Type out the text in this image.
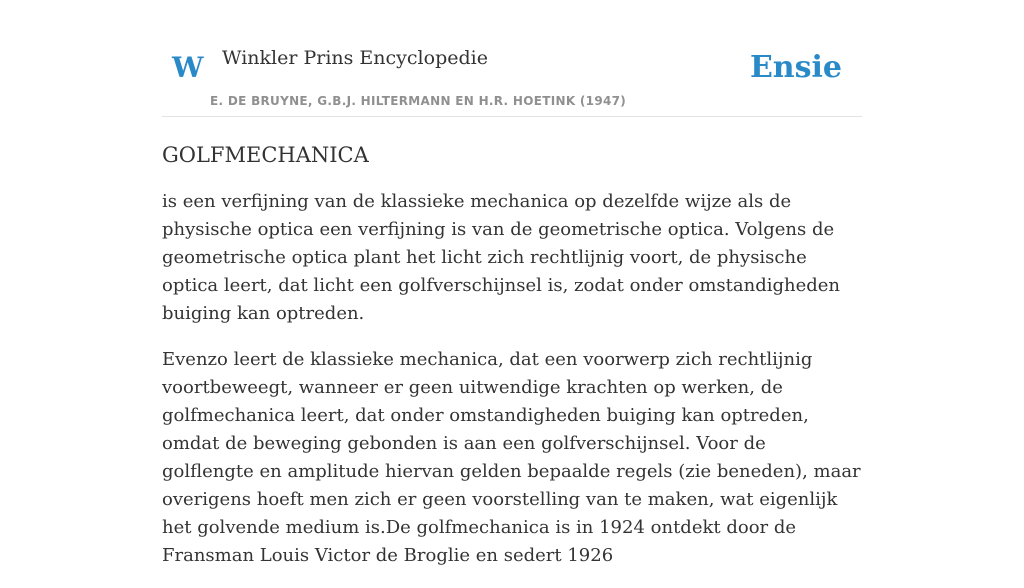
W Winkler Prins Encyclopedie
E. DE BRUYNE, G.B.J. HILTERMANN EN H.R. HOETINK (1947)
Ensie
GOLFMECHANICA

is een verfijning van de klassieke mechanica op dezelfde wijze als de physische optica een verfijning is van de geometrische optica. Volgens de geometrische optica plant het licht zich rechtlijnig voort, de physische optica leert, dat licht een golfverschijnsel is, zodat onder omstandigheden buiging kan optreden.

Evenzo leert de klassieke mechanica, dat een voorwerp zich rechtlijnig voortbeweegt, wanneer er geen uitwendige krachten op werken, de golfmechanica leert, dat onder omstandigheden buiging kan optreden, omdat de beweging gebonden is aan een golfverschijnsel. Voor de golflengte en amplitude hiervan gelden bepaalde regels (zie beneden), maar overigens hoeft men zich er geen voorstelling van te maken, wat eigenlijk het golvende medium is.De golfmechanica is in 1924 ontdekt door de Fransman Louis Victor de Broglie en sedert 1926
